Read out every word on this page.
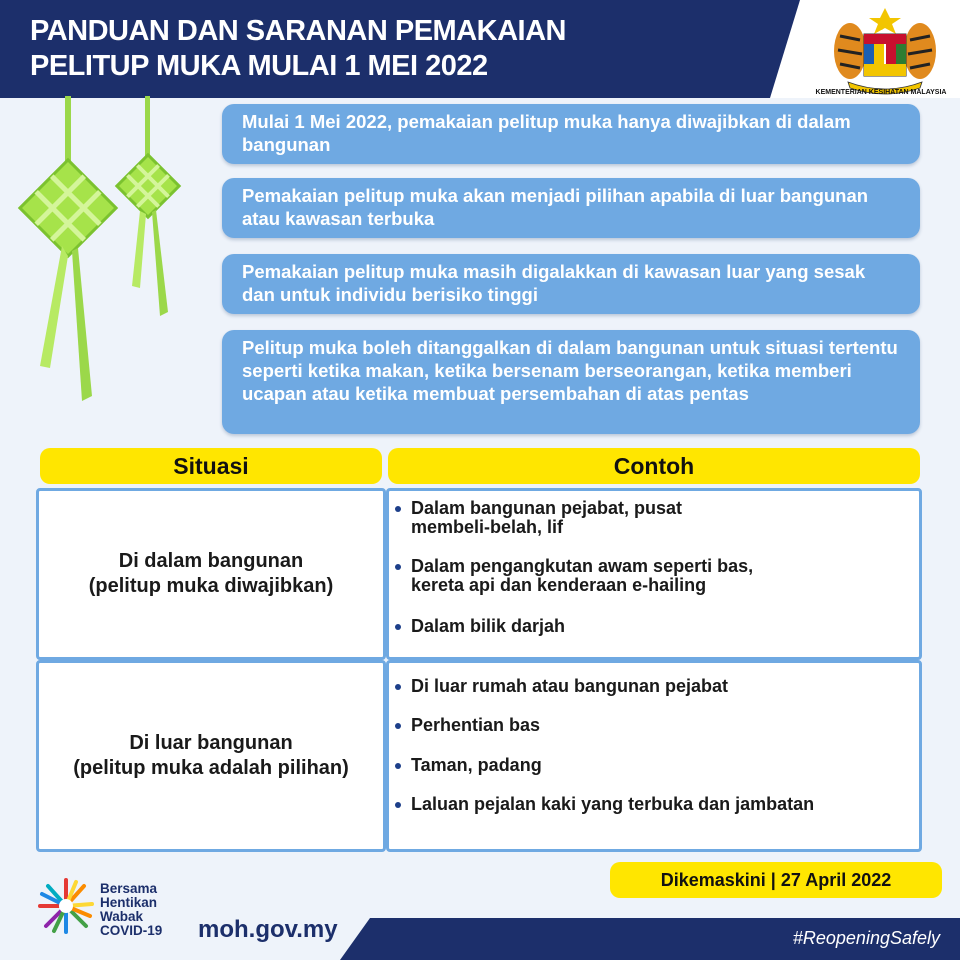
PANDUAN DAN SARANAN PEMAKAIAN
PELITUP MUKA MULAI 1 MEI 2022
KEMENTERIAN KESIHATAN MALAYSIA
Mulai 1 Mei 2022, pemakaian pelitup muka hanya diwajibkan di dalam bangunan
Pemakaian pelitup muka akan menjadi pilihan apabila di luar bangunan atau kawasan terbuka
Pemakaian pelitup muka masih digalakkan di kawasan luar yang sesak dan untuk individu berisiko tinggi
Pelitup muka boleh ditanggalkan di dalam bangunan untuk situasi tertentu seperti ketika makan, ketika bersenam berseorangan, ketika memberi ucapan atau ketika membuat persembahan di atas pentas
Situasi	Contoh
Di dalam bangunan
(pelitup muka diwajibkan)
Dalam bangunan pejabat, pusat
membeli-belah, lif
Dalam pengangkutan awam seperti bas,
kereta api dan kenderaan e-hailing
Dalam bilik darjah
Di luar bangunan
(pelitup muka adalah pilihan)
Di luar rumah atau bangunan pejabat
Perhentian bas
Taman, padang
Laluan pejalan kaki yang terbuka dan jambatan
Dikemaskini | 27 April 2022
#ReopeningSafely
Bersama
Hentikan
Wabak
COVID-19 moh.gov.my
